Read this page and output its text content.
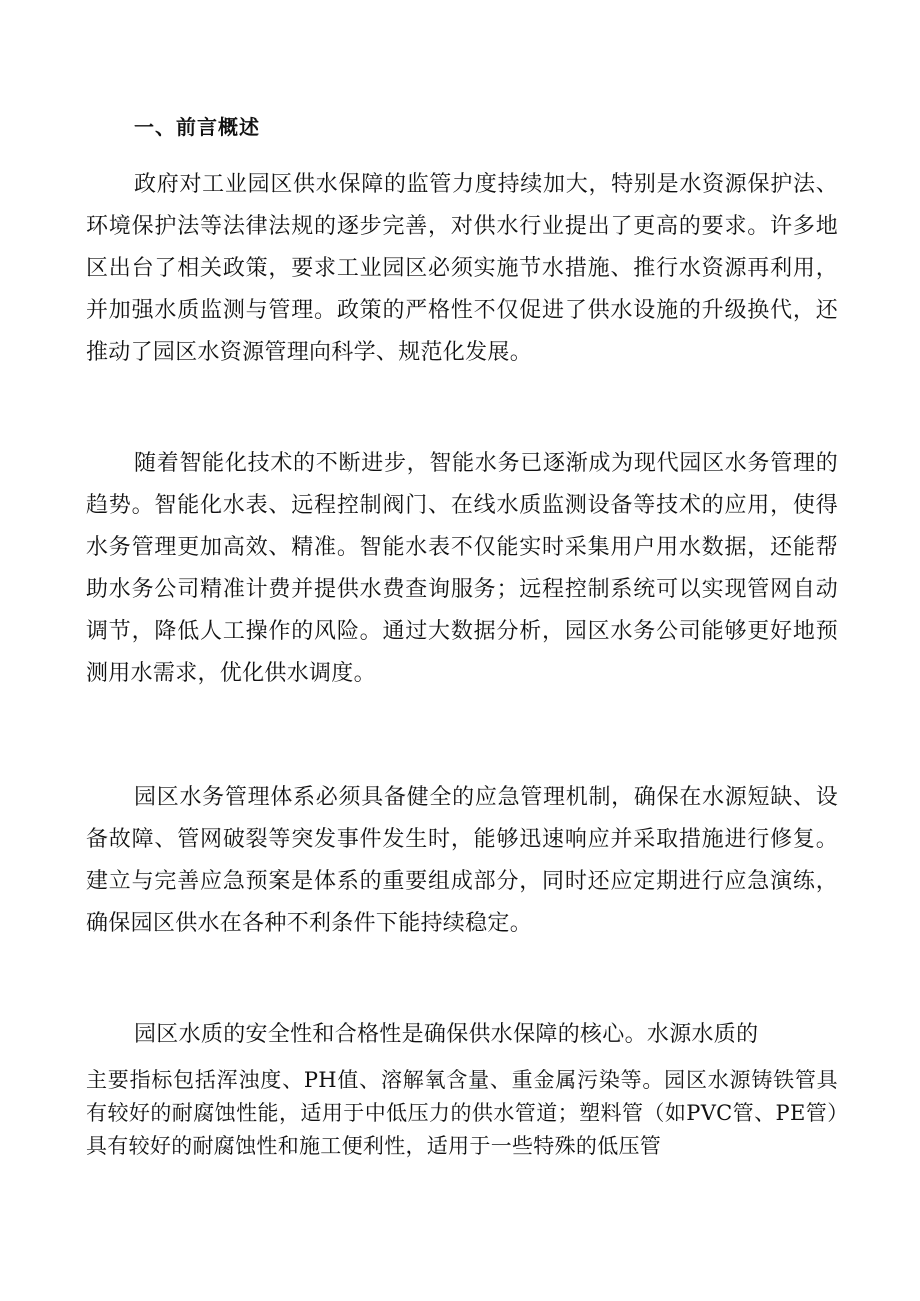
一、前言概述

政府对工业园区供水保障的监管力度持续加大，特别是水资源保护法、环境保护法等法律法规的逐步完善，对供水行业提出了更高的要求。许多地区出台了相关政策，要求工业园区必须实施节水措施、推行水资源再利用，并加强水质监测与管理。政策的严格性不仅促进了供水设施的升级换代，还推动了园区水资源管理向科学、规范化发展。

随着智能化技术的不断进步，智能水务已逐渐成为现代园区水务管理的趋势。智能化水表、远程控制阀门、在线水质监测设备等技术的应用，使得水务管理更加高效、精准。智能水表不仅能实时采集用户用水数据，还能帮助水务公司精准计费并提供水费查询服务；远程控制系统可以实现管网自动调节，降低人工操作的风险。通过大数据分析，园区水务公司能够更好地预测用水需求，优化供水调度。

园区水务管理体系必须具备健全的应急管理机制，确保在水源短缺、设备故障、管网破裂等突发事件发生时，能够迅速响应并采取措施进行修复。建立与完善应急预案是体系的重要组成部分，同时还应定期进行应急演练，确保园区供水在各种不利条件下能持续稳定。

园区水质的安全性和合格性是确保供水保障的核心。水源水质的

主要指标包括浑浊度、PH值、溶解氧含量、重金属污染等。园区水源铸铁管具有较好的耐腐蚀性能，适用于中低压力的供水管道；塑料管（如PVC管、PE管）具有较好的耐腐蚀性和施工便利性，适用于一些特殊的低压管
